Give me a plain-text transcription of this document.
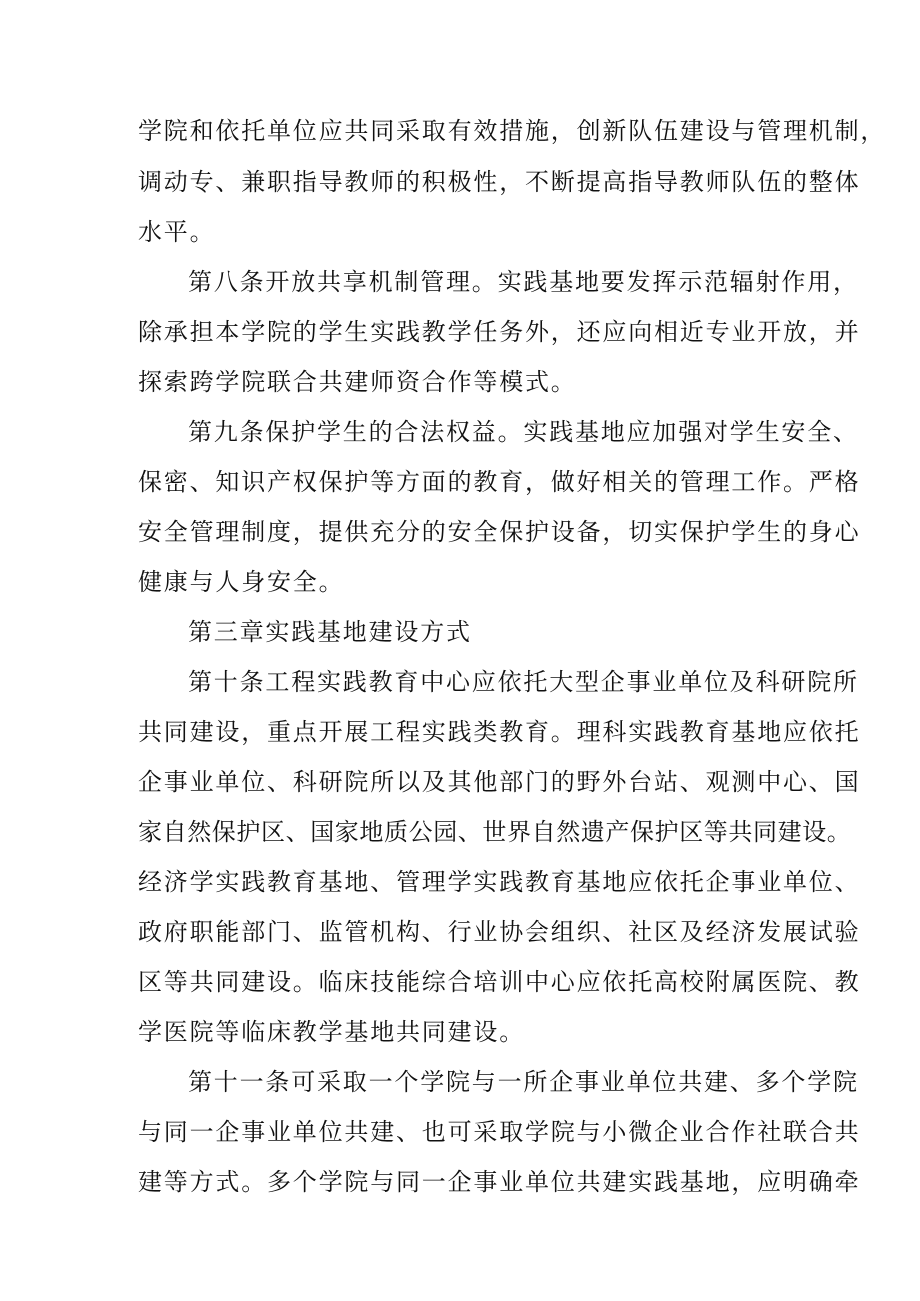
学院和依托单位应共同采取有效措施，创新队伍建设与管理机制，
调动专、兼职指导教师的积极性，不断提高指导教师队伍的整体
水平。
第八条开放共享机制管理。实践基地要发挥示范辐射作用，
除承担本学院的学生实践教学任务外，还应向相近专业开放，并
探索跨学院联合共建师资合作等模式。
第九条保护学生的合法权益。实践基地应加强对学生安全、
保密、知识产权保护等方面的教育，做好相关的管理工作。严格
安全管理制度，提供充分的安全保护设备，切实保护学生的身心
健康与人身安全。
第三章实践基地建设方式
第十条工程实践教育中心应依托大型企事业单位及科研院所
共同建设，重点开展工程实践类教育。理科实践教育基地应依托
企事业单位、科研院所以及其他部门的野外台站、观测中心、国
家自然保护区、国家地质公园、世界自然遗产保护区等共同建设。
经济学实践教育基地、管理学实践教育基地应依托企事业单位、
政府职能部门、监管机构、行业协会组织、社区及经济发展试验
区等共同建设。临床技能综合培训中心应依托高校附属医院、教
学医院等临床教学基地共同建设。
第十一条可采取一个学院与一所企事业单位共建、多个学院
与同一企事业单位共建、也可采取学院与小微企业合作社联合共
建等方式。多个学院与同一企事业单位共建实践基地，应明确牵
